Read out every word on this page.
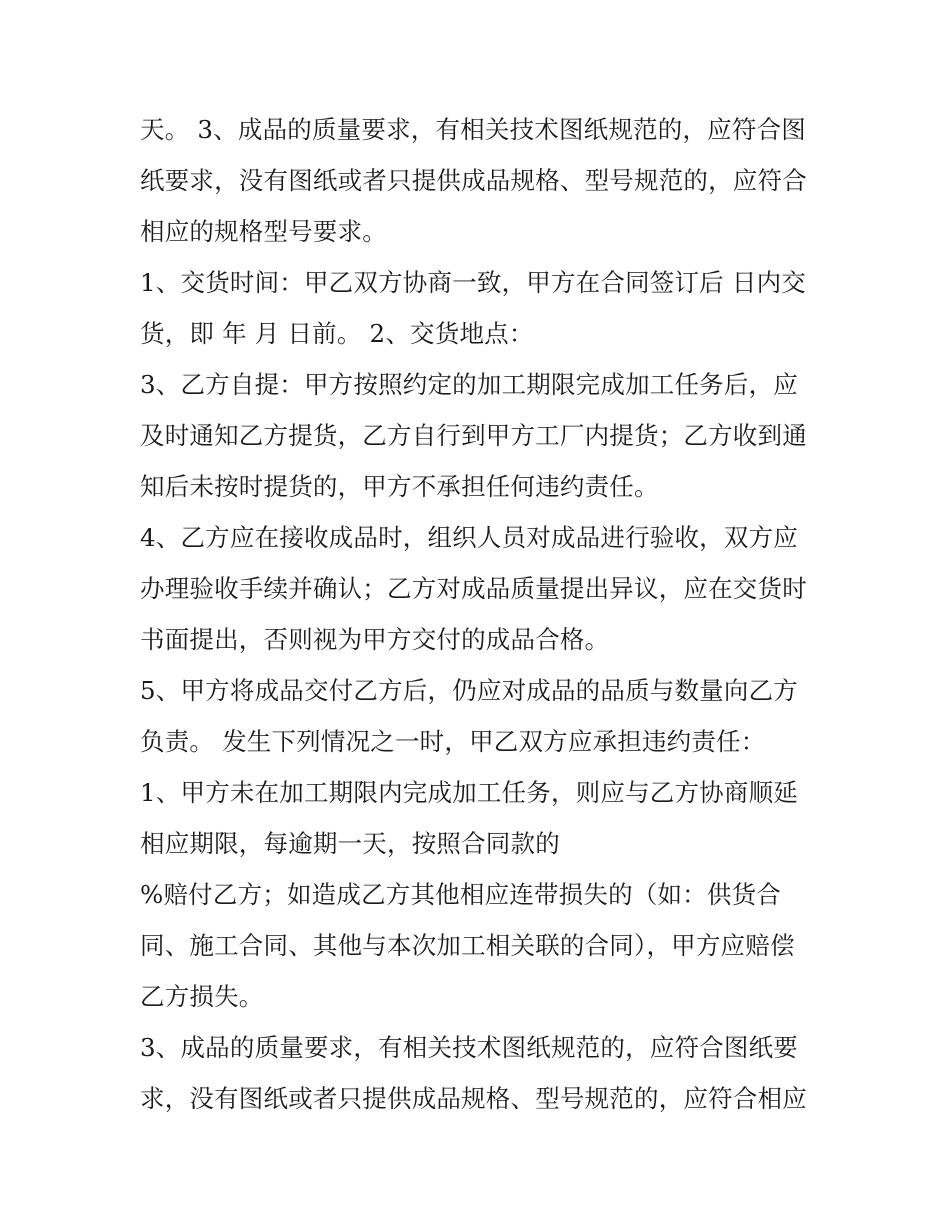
天。 3、成品的质量要求，有相关技术图纸规范的，应符合图
纸要求，没有图纸或者只提供成品规格、型号规范的，应符合
相应的规格型号要求。
1、交货时间：甲乙双方协商一致，甲方在合同签订后 日内交
货，即 年 月 日前。 2、交货地点：
3、乙方自提：甲方按照约定的加工期限完成加工任务后，应
及时通知乙方提货，乙方自行到甲方工厂内提货；乙方收到通
知后未按时提货的，甲方不承担任何违约责任。
4、乙方应在接收成品时，组织人员对成品进行验收，双方应
办理验收手续并确认；乙方对成品质量提出异议，应在交货时
书面提出，否则视为甲方交付的成品合格。
5、甲方将成品交付乙方后，仍应对成品的品质与数量向乙方
负责。 发生下列情况之一时，甲乙双方应承担违约责任：
1、甲方未在加工期限内完成加工任务，则应与乙方协商顺延
相应期限，每逾期一天，按照合同款的
%赔付乙方；如造成乙方其他相应连带损失的（如：供货合
同、施工合同、其他与本次加工相关联的合同），甲方应赔偿
乙方损失。
3、成品的质量要求，有相关技术图纸规范的，应符合图纸要
求，没有图纸或者只提供成品规格、型号规范的，应符合相应
